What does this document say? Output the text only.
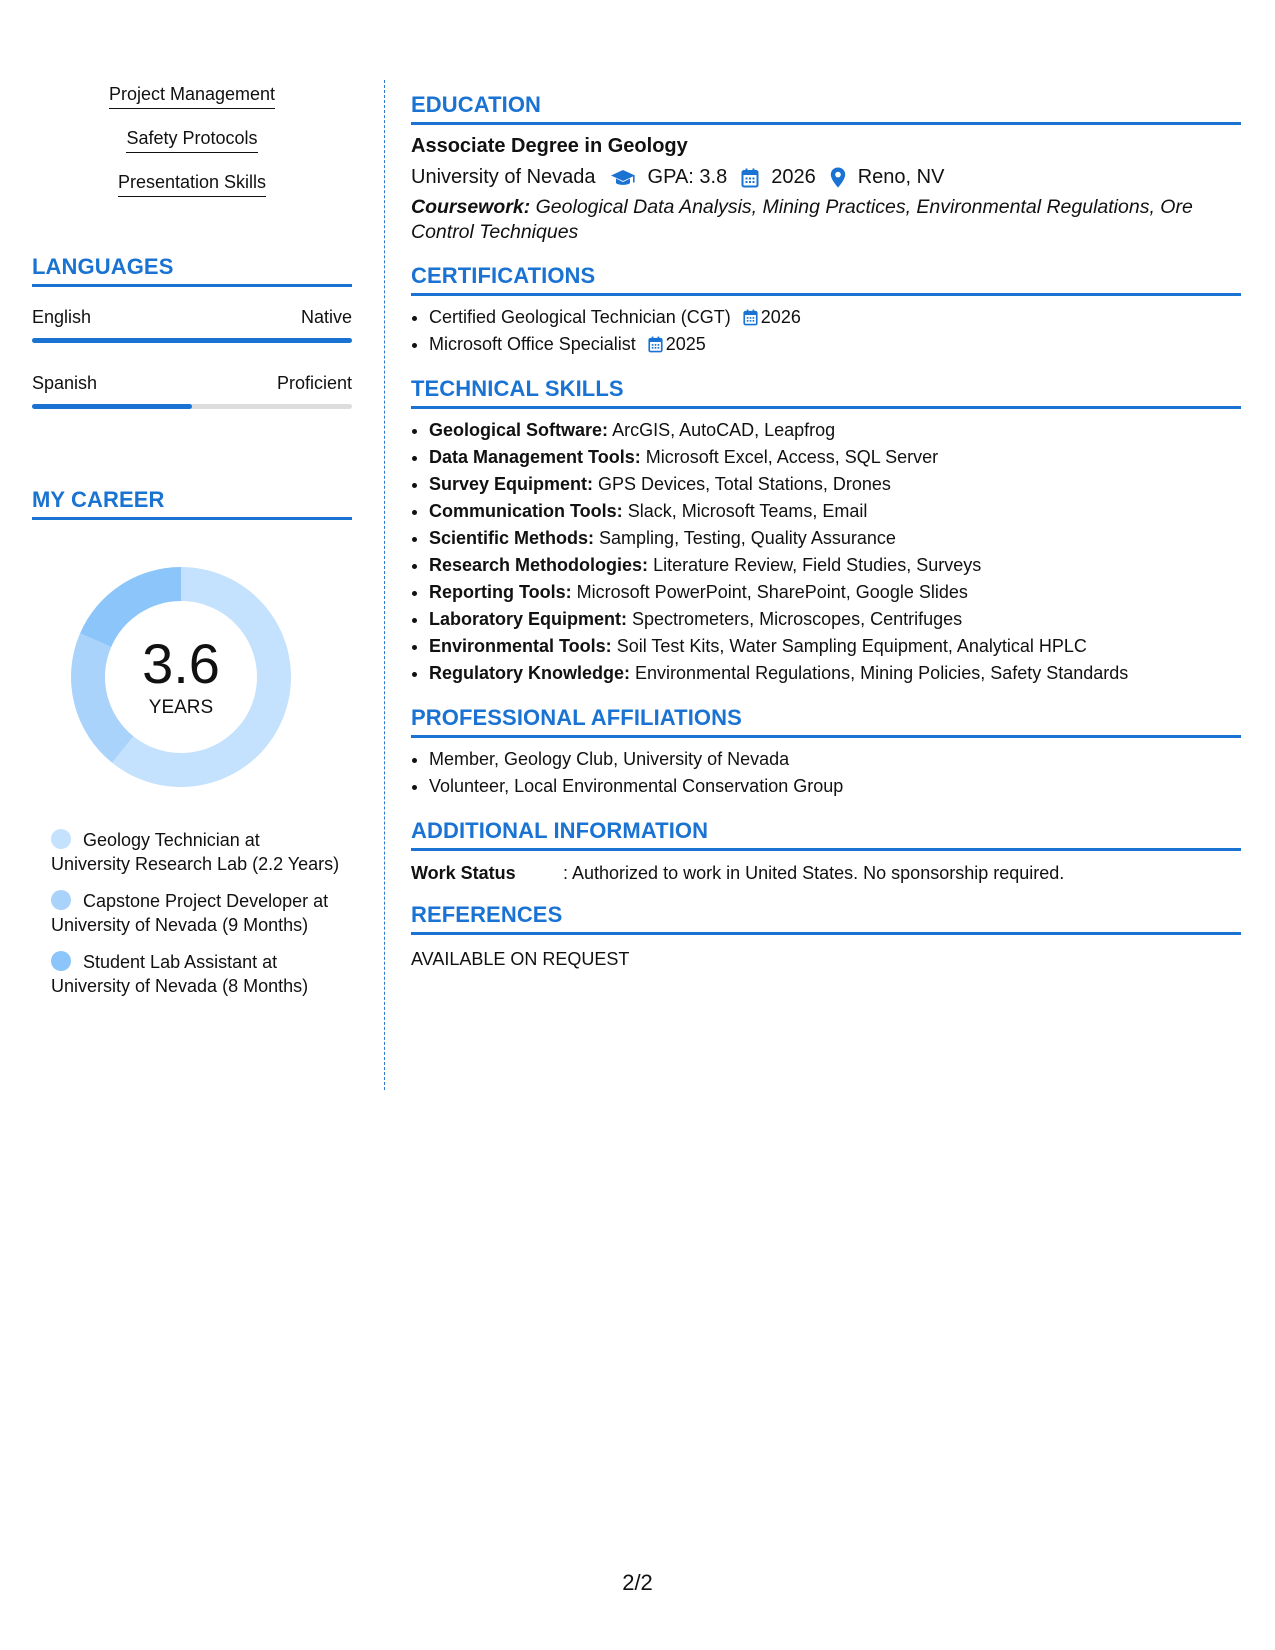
Project Management
Safety Protocols
Presentation Skills
LANGUAGES
English	Native
Spanish	Proficient
MY CAREER
3.6
YEARS
Geology Technician at University Research Lab (2.2 Years)
Capstone Project Developer at University of Nevada (9 Months)
Student Lab Assistant at University of Nevada (8 Months)
EDUCATION
Associate Degree in Geology
University of Nevada	GPA: 3.8 2026 Reno, NV
Coursework: Geological Data Analysis, Mining Practices, Environmental Regulations, Ore Control Techniques
CERTIFICATIONS
• Certified Geological Technician (CGT) 2026
• Microsoft Office Specialist 2025
TECHNICAL SKILLS
• Geological Software: ArcGIS, AutoCAD, Leapfrog
• Data Management Tools: Microsoft Excel, Access, SQL Server
• Survey Equipment: GPS Devices, Total Stations, Drones
• Communication Tools: Slack, Microsoft Teams, Email
• Scientific Methods: Sampling, Testing, Quality Assurance
• Research Methodologies: Literature Review, Field Studies, Surveys
• Reporting Tools: Microsoft PowerPoint, SharePoint, Google Slides
• Laboratory Equipment: Spectrometers, Microscopes, Centrifuges
• Environmental Tools: Soil Test Kits, Water Sampling Equipment, Analytical HPLC
• Regulatory Knowledge: Environmental Regulations, Mining Policies, Safety Standards
PROFESSIONAL AFFILIATIONS
• Member, Geology Club, University of Nevada
• Volunteer, Local Environmental Conservation Group
ADDITIONAL INFORMATION
Work Status	: Authorized to work in United States. No sponsorship required.
REFERENCES
AVAILABLE ON REQUEST
2/2
